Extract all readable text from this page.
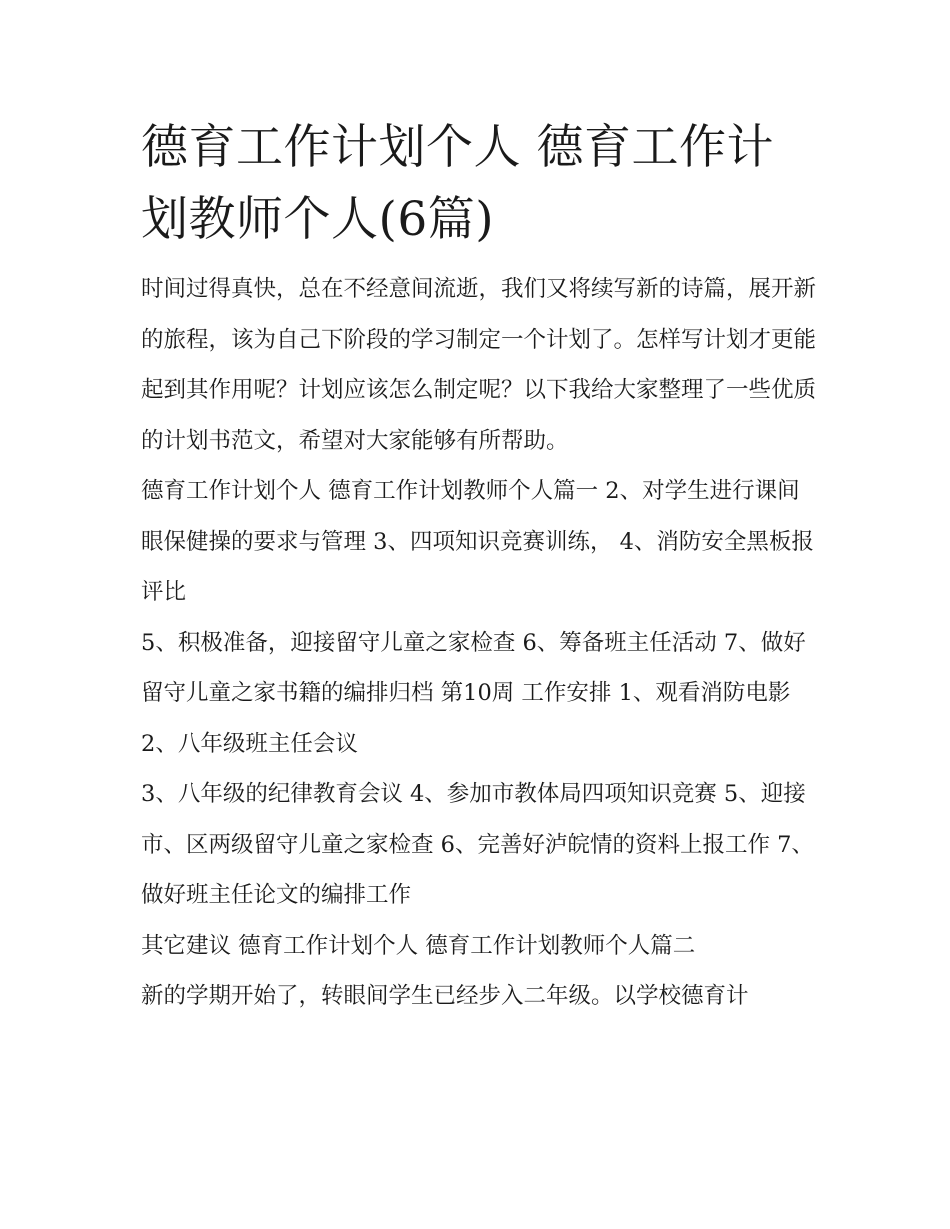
德育工作计划个人 德育工作计划教师个人(6篇)

时间过得真快，总在不经意间流逝，我们又将续写新的诗篇，展开新的旅程，该为自己下阶段的学习制定一个计划了。怎样写计划才更能起到其作用呢？计划应该怎么制定呢？以下我给大家整理了一些优质的计划书范文，希望对大家能够有所帮助。

德育工作计划个人 德育工作计划教师个人篇一 2、对学生进行课间眼保健操的要求与管理 3、四项知识竞赛训练， 4、消防安全黑板报评比

5、积极准备，迎接留守儿童之家检查 6、筹备班主任活动 7、做好留守儿童之家书籍的编排归档 第10周 工作安排 1、观看消防电影 2、八年级班主任会议

3、八年级的纪律教育会议 4、参加市教体局四项知识竞赛 5、迎接市、区两级留守儿童之家检查 6、完善好泸皖情的资料上报工作 7、做好班主任论文的编排工作

其它建议 德育工作计划个人 德育工作计划教师个人篇二

新的学期开始了，转眼间学生已经步入二年级。以学校德育计
